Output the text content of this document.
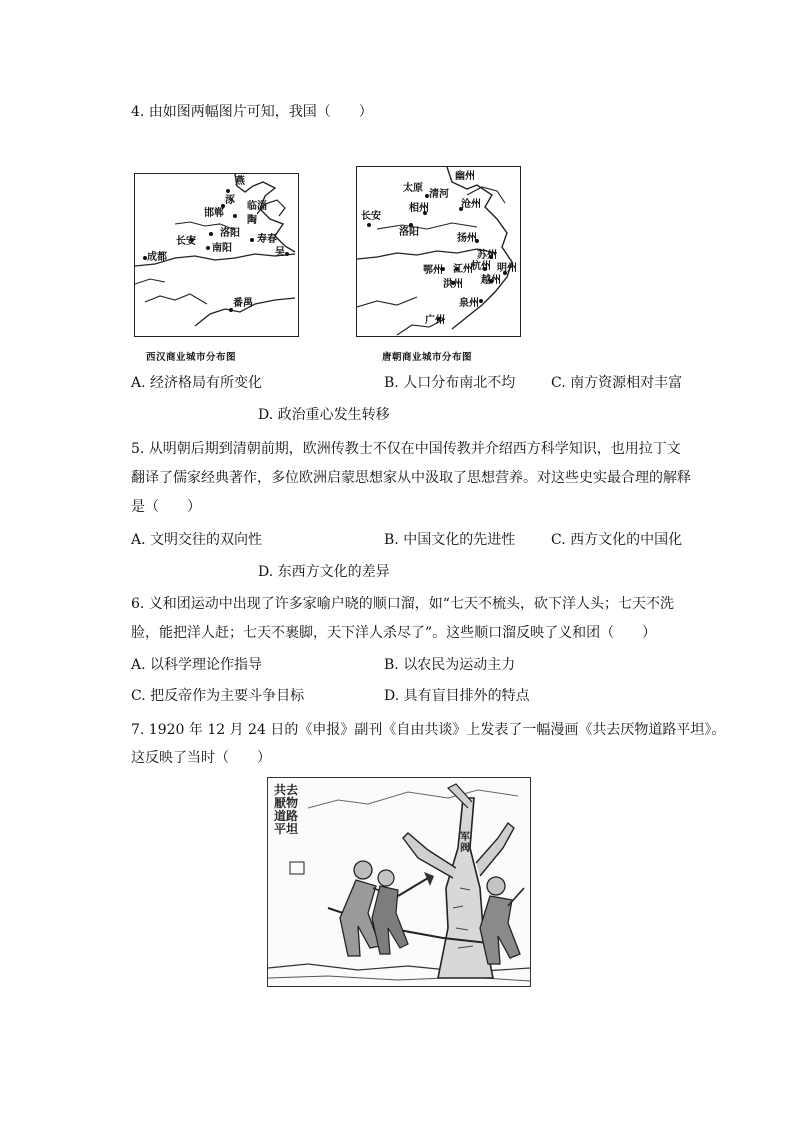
4. 由如图两幅图片可知，我国（　　）
燕
涿
邯郸
临淄
陶
洛阳
长安	寿春
南阳
成都	吴
番禺
西汉商业城市分布图
幽州
太原
清河
相州	沧州
长安
洛阳
扬州
苏州
杭州 明州
鄂州 江州
越州
洪州
泉州
广州
唐朝商业城市分布图
A. 经济格局有所变化	B. 人口分布南北不均	C. 南方资源相对丰富
D. 政治重心发生转移
5. 从明朝后期到清朝前期，欧洲传教士不仅在中国传教并介绍西方科学知识，也用拉丁文
翻译了儒家经典著作，多位欧洲启蒙思想家从中汲取了思想营养。对这些史实最合理的解释
是（　　）
A. 文明交往的双向性	B. 中国文化的先进性	C. 西方文化的中国化
D. 东西方文化的差异
6. 义和团运动中出现了许多家喻户晓的顺口溜，如“七天不梳头，砍下洋人头；七天不洗
脸，能把洋人赶；七天不裹脚，天下洋人杀尽了”。这些顺口溜反映了义和团（　　）
A. 以科学理论作指导	B. 以农民为运动主力
C. 把反帝作为主要斗争目标	D. 具有盲目排外的特点
7. 1920 年 12 月 24 日的《申报》副刊《自由共谈》上发表了一幅漫画《共去厌物道路平坦》。
这反映了当时（　　）
共去厭物道路平坦
军阀
